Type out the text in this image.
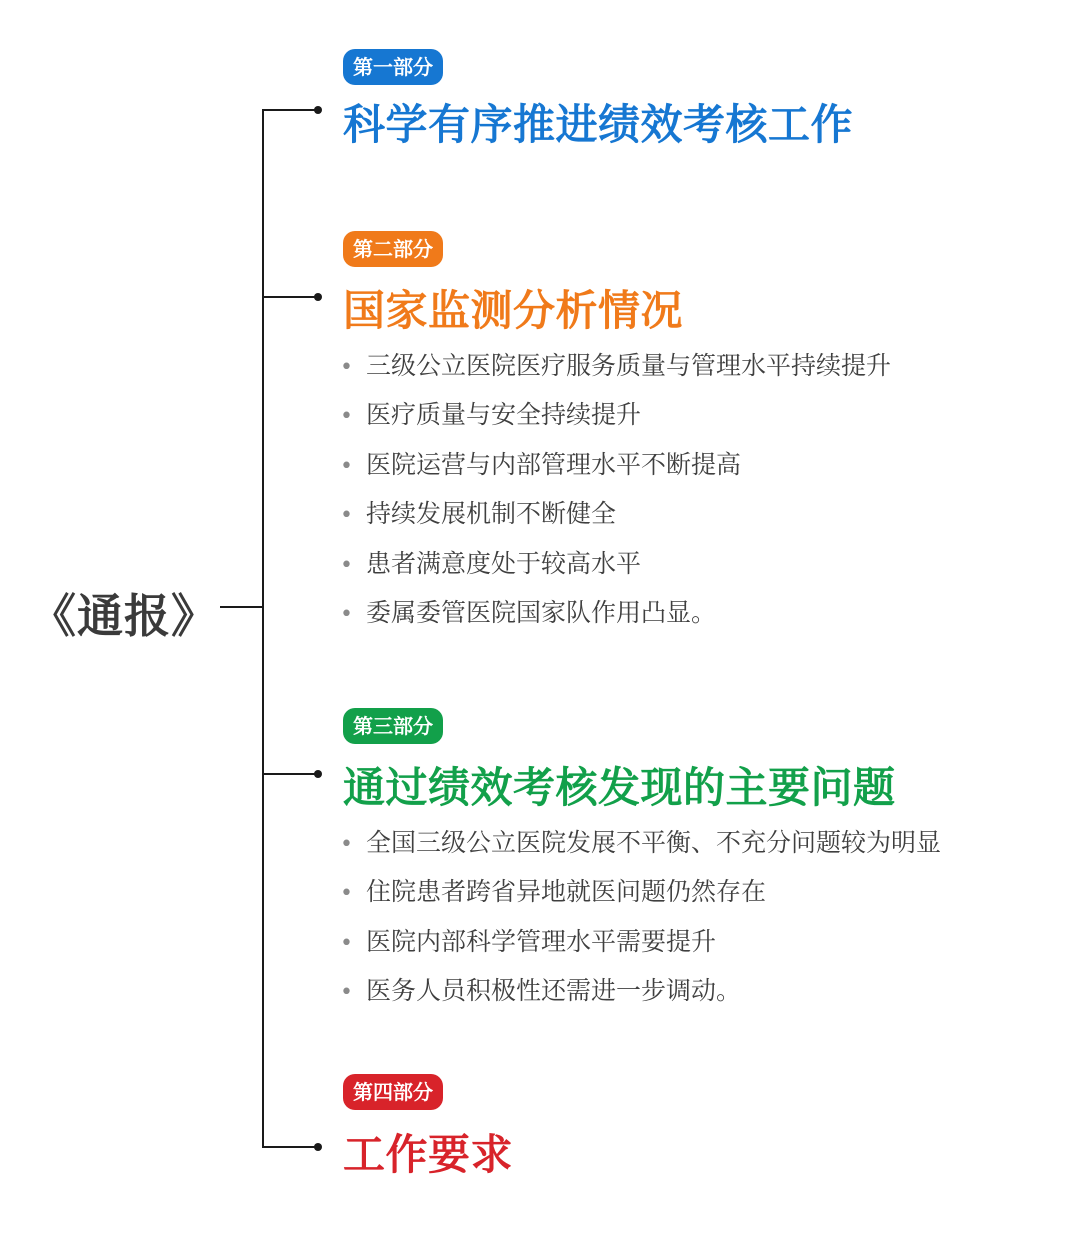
《通报》
第一部分
科学有序推进绩效考核工作
第二部分
国家监测分析情况
• 三级公立医院医疗服务质量与管理水平持续提升
• 医疗质量与安全持续提升
• 医院运营与内部管理水平不断提高
• 持续发展机制不断健全
• 患者满意度处于较高水平
• 委属委管医院国家队作用凸显。
第三部分
通过绩效考核发现的主要问题
• 全国三级公立医院发展不平衡、不充分问题较为明显
• 住院患者跨省异地就医问题仍然存在
• 医院内部科学管理水平需要提升
• 医务人员积极性还需进一步调动。
第四部分
工作要求
